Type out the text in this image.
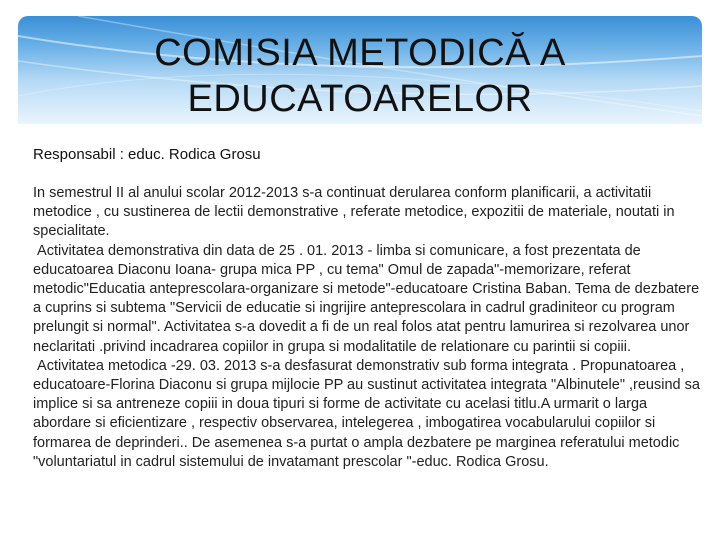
COMISIA METODICĂ A
EDUCATOARELOR
Responsabil : educ. Rodica Grosu

In semestrul II al anului scolar 2012-2013 s-a continuat derularea conform planificarii, a activitatii metodice , cu sustinerea de lectii demonstrative , referate metodice, expozitii de materiale, noutati in specialitate.

Activitatea demonstrativa din data de 25 . 01. 2013 - limba si comunicare, a fost prezentata de educatoarea Diaconu Ioana- grupa mica PP , cu tema" Omul de zapada"-memorizare, referat metodic"Educatia anteprescolara-organizare si metode"-educatoare Cristina Baban. Tema de dezbatere a cuprins si subtema "Servicii de educatie si ingrijire anteprescolara in cadrul gradiniteor cu program prelungit si normal". Activitatea s-a dovedit a fi de un real folos atat pentru lamurirea si rezolvarea unor neclaritati .privind incadrarea copiilor in grupa si modalitatile de relationare cu parintii si copiii.

Activitatea metodica -29. 03. 2013 s-a desfasurat demonstrativ sub forma integrata . Propunatoarea , educatoare-Florina Diaconu si grupa mijlocie PP au sustinut activitatea integrata "Albinutele" ,reusind sa implice si sa antreneze copiii in doua tipuri si forme de activitate cu acelasi titlu.A urmarit o larga abordare si eficientizare , respectiv observarea, intelegerea , imbogatirea vocabularului copiilor si formarea de deprinderi.. De asemenea s-a purtat o ampla dezbatere pe marginea referatului metodic "voluntariatul in cadrul sistemului de invatamant prescolar "-educ. Rodica Grosu.
